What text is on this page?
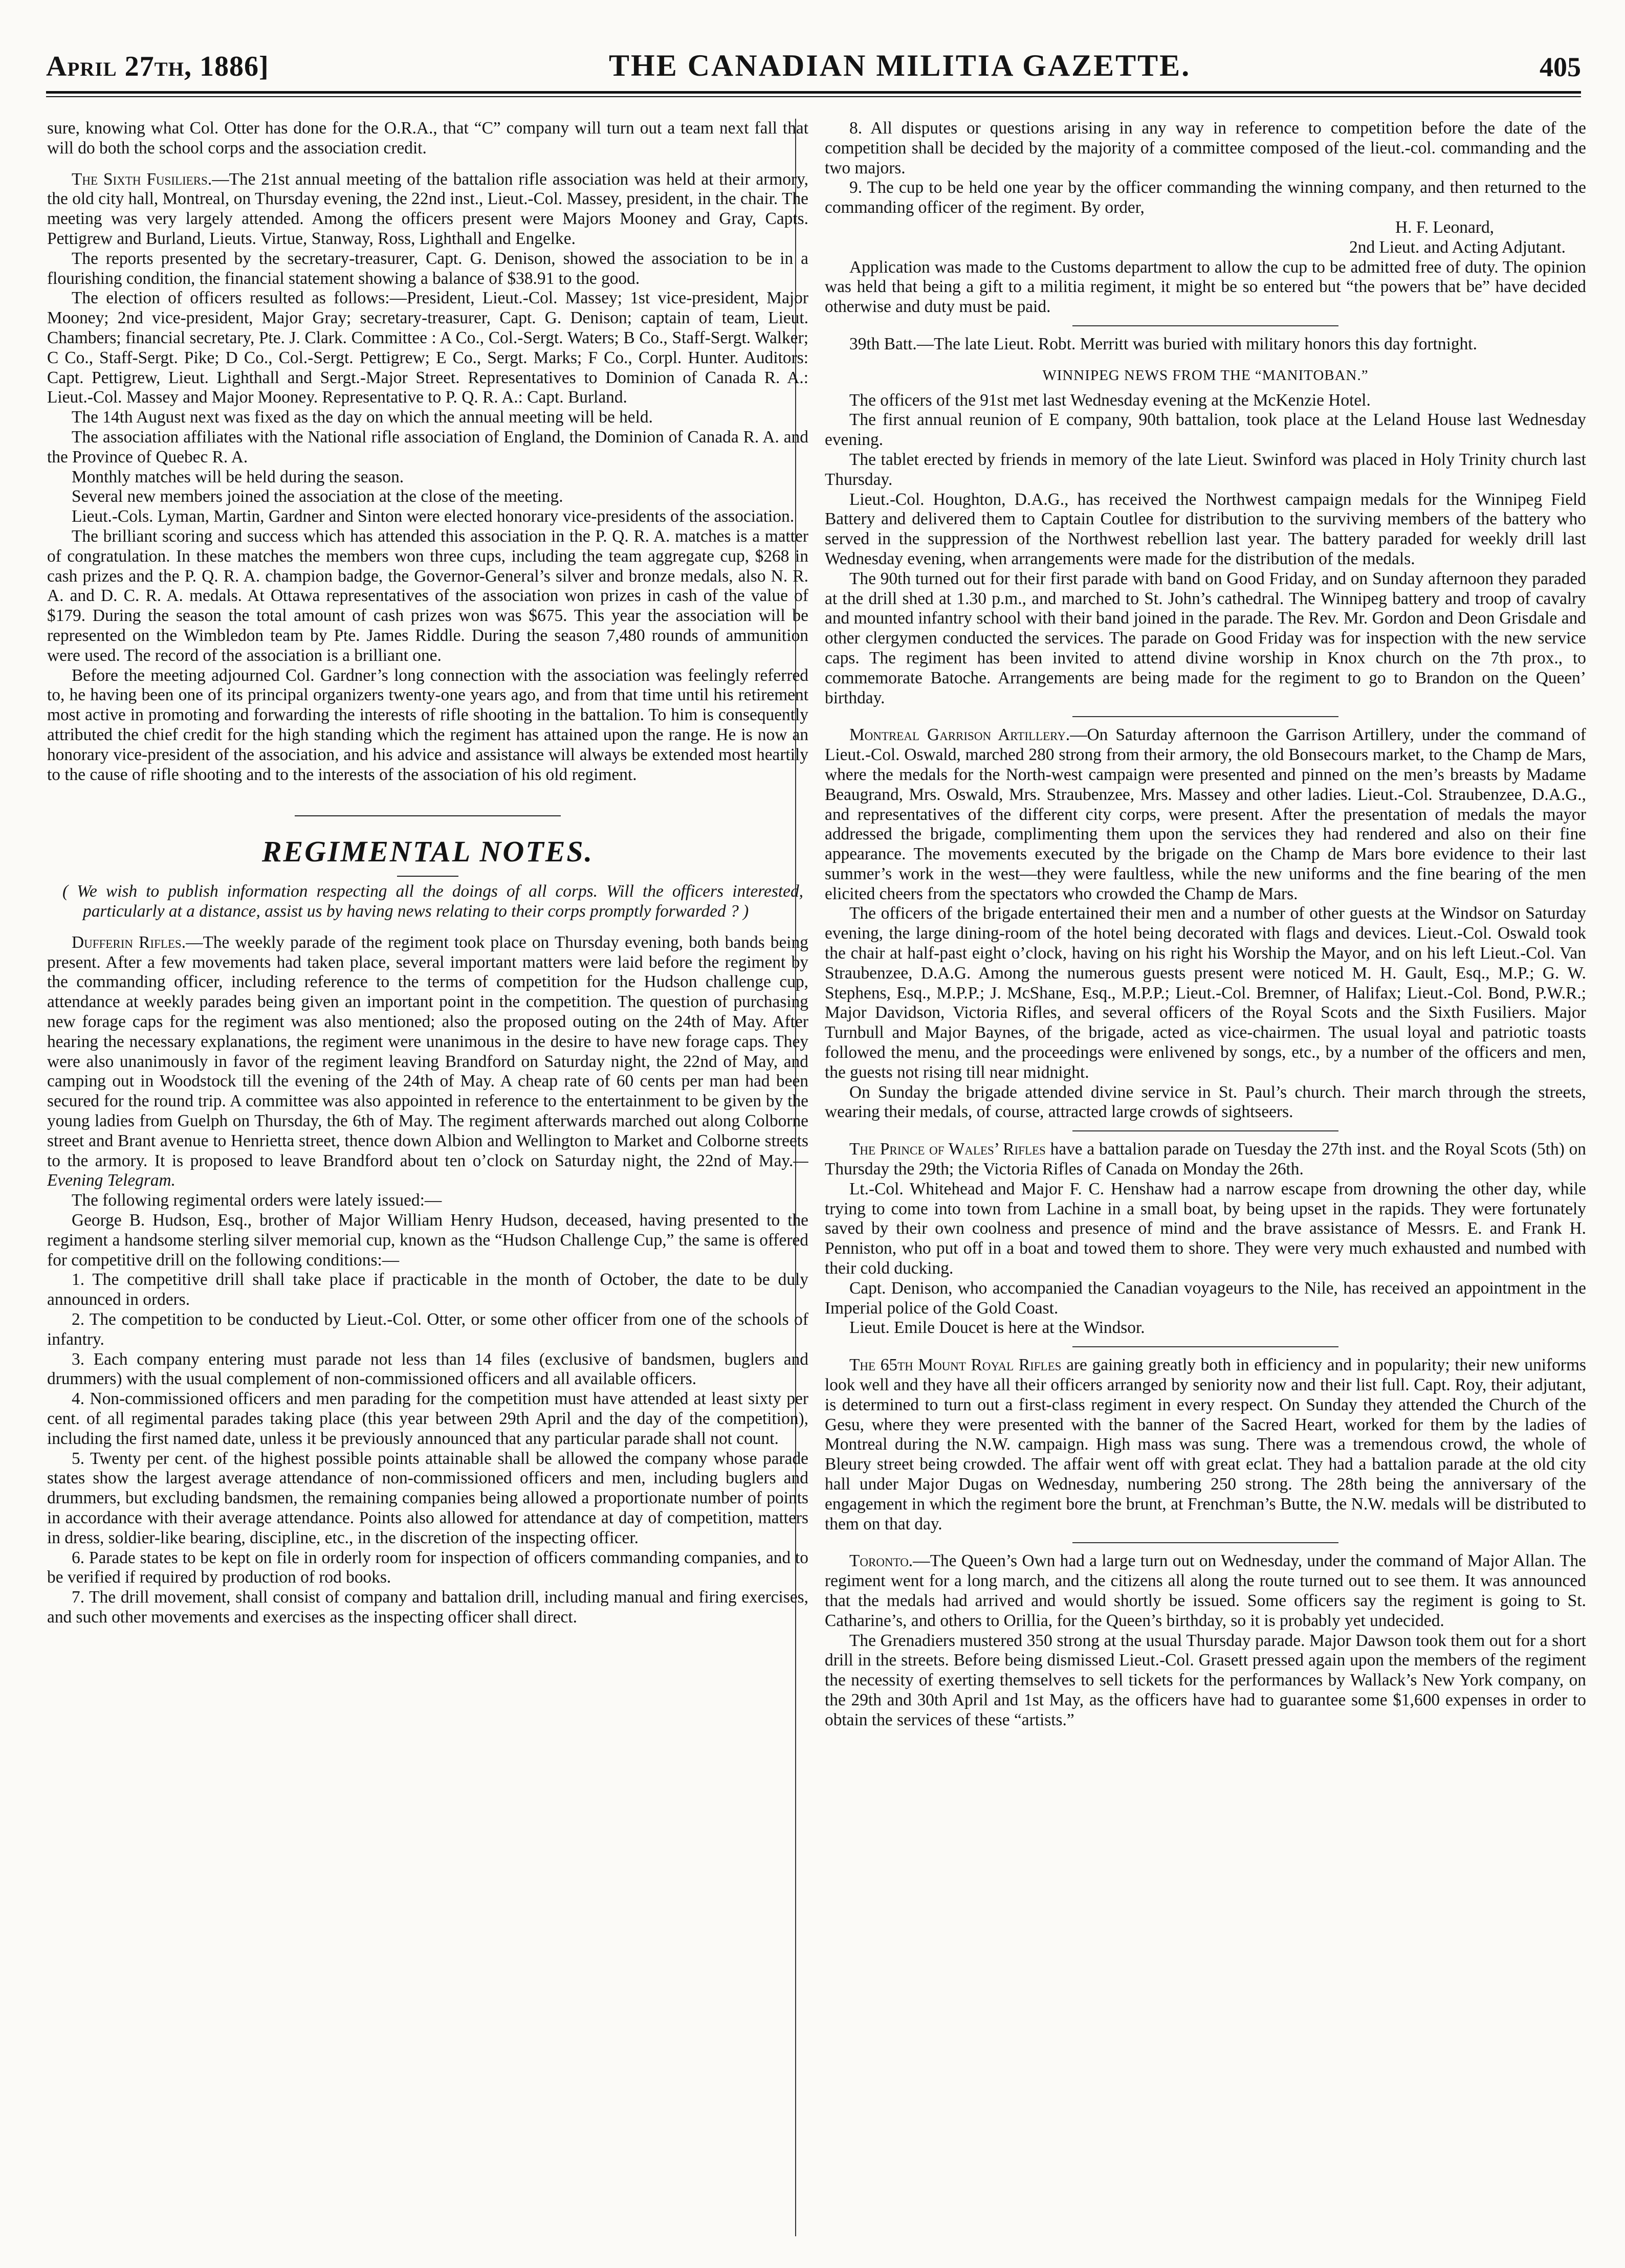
April 27th, 1886]	THE CANADIAN MILITIA GAZETTE.	405

sure, knowing what Col. Otter has done for the O.R.A., that “C” company will turn out a team next fall that will do both the school corps and the association credit.

The Sixth Fusiliers.—The 21st annual meeting of the battalion rifle association was held at their armory, the old city hall, Montreal, on Thursday evening, the 22nd inst., Lieut.-Col. Massey, president, in the chair. The meeting was very largely attended. Among the officers present were Majors Mooney and Gray, Capts. Pettigrew and Burland, Lieuts. Virtue, Stanway, Ross, Lighthall and Engelke.

The reports presented by the secretary-treasurer, Capt. G. Denison, showed the association to be in a flourishing condition, the financial statement showing a balance of $38.91 to the good.

The election of officers resulted as follows:—President, Lieut.-Col. Massey; 1st vice-president, Major Mooney; 2nd vice-president, Major Gray; secretary-treasurer, Capt. G. Denison; captain of team, Lieut. Chambers; financial secretary, Pte. J. Clark. Committee : A Co., Col.-Sergt. Waters; B Co., Staff-Sergt. Walker; C Co., Staff-Sergt. Pike; D Co., Col.-Sergt. Pettigrew; E Co., Sergt. Marks; F Co., Corpl. Hunter. Auditors: Capt. Pettigrew, Lieut. Lighthall and Sergt.-Major Street. Representatives to Dominion of Canada R. A.: Lieut.-Col. Massey and Major Mooney. Representative to P. Q. R. A.: Capt. Burland.

The 14th August next was fixed as the day on which the annual meeting will be held.

The association affiliates with the National rifle association of England, the Dominion of Canada R. A. and the Province of Quebec R. A.

Monthly matches will be held during the season.

Several new members joined the association at the close of the meeting.

Lieut.-Cols. Lyman, Martin, Gardner and Sinton were elected honorary vice-presidents of the association.

The brilliant scoring and success which has attended this association in the P. Q. R. A. matches is a matter of congratulation. In these matches the members won three cups, including the team aggregate cup, $268 in cash prizes and the P. Q. R. A. champion badge, the Governor-General’s silver and bronze medals, also N. R. A. and D. C. R. A. medals. At Ottawa representatives of the association won prizes in cash of the value of $179. During the season the total amount of cash prizes won was $675. This year the association will be represented on the Wimbledon team by Pte. James Riddle. During the season 7,480 rounds of ammunition were used. The record of the association is a brilliant one.

Before the meeting adjourned Col. Gardner’s long connection with the association was feelingly referred to, he having been one of its principal organizers twenty-one years ago, and from that time until his retirement most active in promoting and forwarding the interests of rifle shooting in the battalion. To him is consequently attributed the chief credit for the high standing which the regiment has attained upon the range. He is now an honorary vice-president of the association, and his advice and assistance will always be extended most heartily to the cause of rifle shooting and to the interests of the association of his old regiment.

REGIMENTAL NOTES.

( We wish to publish information respecting all the doings of all corps. Will the officers interested, particularly at a distance, assist us by having news relating to their corps promptly forwarded ? )

Dufferin Rifles.—The weekly parade of the regiment took place on Thursday evening, both bands being present. After a few movements had taken place, several important matters were laid before the regiment by the commanding officer, including reference to the terms of competition for the Hudson challenge cup, attendance at weekly parades being given an important point in the competition. The question of purchasing new forage caps for the regiment was also mentioned; also the proposed outing on the 24th of May. After hearing the necessary explanations, the regiment were unanimous in the desire to have new forage caps. They were also unanimously in favor of the regiment leaving Brandford on Saturday night, the 22nd of May, and camping out in Woodstock till the evening of the 24th of May. A cheap rate of 60 cents per man had been secured for the round trip. A committee was also appointed in reference to the entertainment to be given by the young ladies from Guelph on Thursday, the 6th of May. The regiment afterwards marched out along Colborne street and Brant avenue to Henrietta street, thence down Albion and Wellington to Market and Colborne streets to the armory. It is proposed to leave Brandford about ten o’clock on Saturday night, the 22nd of May.—Evening Telegram.

The following regimental orders were lately issued:—

George B. Hudson, Esq., brother of Major William Henry Hudson, deceased, having presented to the regiment a handsome sterling silver memorial cup, known as the “Hudson Challenge Cup,” the same is offered for competitive drill on the following conditions:—

1. The competitive drill shall take place if practicable in the month of October, the date to be duly announced in orders.

2. The competition to be conducted by Lieut.-Col. Otter, or some other officer from one of the schools of infantry.

3. Each company entering must parade not less than 14 files (exclusive of bandsmen, buglers and drummers) with the usual complement of non-commissioned officers and all available officers.

4. Non-commissioned officers and men parading for the competition must have attended at least sixty per cent. of all regimental parades taking place (this year between 29th April and the day of the competition), including the first named date, unless it be previously announced that any particular parade shall not count.

5. Twenty per cent. of the highest possible points attainable shall be allowed the company whose parade states show the largest average attendance of non-commissioned officers and men, including buglers and drummers, but excluding bandsmen, the remaining companies being allowed a proportionate number of points in accordance with their average attendance. Points also allowed for attendance at day of competition, matters in dress, soldier-like bearing, discipline, etc., in the discretion of the inspecting officer.

6. Parade states to be kept on file in orderly room for inspection of officers commanding companies, and to be verified if required by production of rod books.

7. The drill movement, shall consist of company and battalion drill, including manual and firing exercises, and such other movements and exercises as the inspecting officer shall direct.

8. All disputes or questions arising in any way in reference to competition before the date of the competition shall be decided by the majority of a committee composed of the lieut.-col. commanding and the two majors.

9. The cup to be held one year by the officer commanding the winning company, and then returned to the commanding officer of the regiment. By order,

H. F. Leonard,

2nd Lieut. and Acting Adjutant.

Application was made to the Customs department to allow the cup to be admitted free of duty. The opinion was held that being a gift to a militia regiment, it might be so entered but “the powers that be” have decided otherwise and duty must be paid.

39th Batt.—The late Lieut. Robt. Merritt was buried with military honors this day fortnight.

WINNIPEG NEWS FROM THE “MANITOBAN.”

The officers of the 91st met last Wednesday evening at the McKenzie Hotel.

The first annual reunion of E company, 90th battalion, took place at the Leland House last Wednesday evening.

The tablet erected by friends in memory of the late Lieut. Swinford was placed in Holy Trinity church last Thursday.

Lieut.-Col. Houghton, D.A.G., has received the Northwest campaign medals for the Winnipeg Field Battery and delivered them to Captain Coutlee for distribution to the surviving members of the battery who served in the suppression of the Northwest rebellion last year. The battery paraded for weekly drill last Wednesday evening, when arrangements were made for the distribution of the medals.

The 90th turned out for their first parade with band on Good Friday, and on Sunday afternoon they paraded at the drill shed at 1.30 p.m., and marched to St. John’s cathedral. The Winnipeg battery and troop of cavalry and mounted infantry school with their band joined in the parade. The Rev. Mr. Gordon and Deon Grisdale and other clergymen conducted the services. The parade on Good Friday was for inspection with the new service caps. The regiment has been invited to attend divine worship in Knox church on the 7th prox., to commemorate Batoche. Arrangements are being made for the regiment to go to Brandon on the Queen’ birthday.

Montreal Garrison Artillery.—On Saturday afternoon the Garrison Artillery, under the command of Lieut.-Col. Oswald, marched 280 strong from their armory, the old Bonsecours market, to the Champ de Mars, where the medals for the North-west campaign were presented and pinned on the men’s breasts by Madame Beaugrand, Mrs. Oswald, Mrs. Straubenzee, Mrs. Massey and other ladies. Lieut.-Col. Straubenzee, D.A.G., and representatives of the different city corps, were present. After the presentation of medals the mayor addressed the brigade, complimenting them upon the services they had rendered and also on their fine appearance. The movements executed by the brigade on the Champ de Mars bore evidence to their last summer’s work in the west—they were faultless, while the new uniforms and the fine bearing of the men elicited cheers from the spectators who crowded the Champ de Mars.

The officers of the brigade entertained their men and a number of other guests at the Windsor on Saturday evening, the large dining-room of the hotel being decorated with flags and devices. Lieut.-Col. Oswald took the chair at half-past eight o’clock, having on his right his Worship the Mayor, and on his left Lieut.-Col. Van Straubenzee, D.A.G. Among the numerous guests present were noticed M. H. Gault, Esq., M.P.; G. W. Stephens, Esq., M.P.P.; J. McShane, Esq., M.P.P.; Lieut.-Col. Bremner, of Halifax; Lieut.-Col. Bond, P.W.R.; Major Davidson, Victoria Rifles, and several officers of the Royal Scots and the Sixth Fusiliers. Major Turnbull and Major Baynes, of the brigade, acted as vice-chairmen. The usual loyal and patriotic toasts followed the menu, and the proceedings were enlivened by songs, etc., by a number of the officers and men, the guests not rising till near midnight.

On Sunday the brigade attended divine service in St. Paul’s church. Their march through the streets, wearing their medals, of course, attracted large crowds of sightseers.

The Prince of Wales’ Rifles have a battalion parade on Tuesday the 27th inst. and the Royal Scots (5th) on Thursday the 29th; the Victoria Rifles of Canada on Monday the 26th.

Lt.-Col. Whitehead and Major F. C. Henshaw had a narrow escape from drowning the other day, while trying to come into town from Lachine in a small boat, by being upset in the rapids. They were fortunately saved by their own coolness and presence of mind and the brave assistance of Messrs. E. and Frank H. Penniston, who put off in a boat and towed them to shore. They were very much exhausted and numbed with their cold ducking.

Capt. Denison, who accompanied the Canadian voyageurs to the Nile, has received an appointment in the Imperial police of the Gold Coast.

Lieut. Emile Doucet is here at the Windsor.

The 65th Mount Royal Rifles are gaining greatly both in efficiency and in popularity; their new uniforms look well and they have all their officers arranged by seniority now and their list full. Capt. Roy, their adjutant, is determined to turn out a first-class regiment in every respect. On Sunday they attended the Church of the Gesu, where they were presented with the banner of the Sacred Heart, worked for them by the ladies of Montreal during the N.W. campaign. High mass was sung. There was a tremendous crowd, the whole of Bleury street being crowded. The affair went off with great eclat. They had a battalion parade at the old city hall under Major Dugas on Wednesday, numbering 250 strong. The 28th being the anniversary of the engagement in which the regiment bore the brunt, at Frenchman’s Butte, the N.W. medals will be distributed to them on that day.

Toronto.—The Queen’s Own had a large turn out on Wednesday, under the command of Major Allan. The regiment went for a long march, and the citizens all along the route turned out to see them. It was announced that the medals had arrived and would shortly be issued. Some officers say the regiment is going to St. Catharine’s, and others to Orillia, for the Queen’s birthday, so it is probably yet undecided.

The Grenadiers mustered 350 strong at the usual Thursday parade. Major Dawson took them out for a short drill in the streets. Before being dismissed Lieut.-Col. Grasett pressed again upon the members of the regiment the necessity of exerting themselves to sell tickets for the performances by Wallack’s New York company, on the 29th and 30th April and 1st May, as the officers have had to guarantee some $1,600 expenses in order to obtain the services of these “artists.”
